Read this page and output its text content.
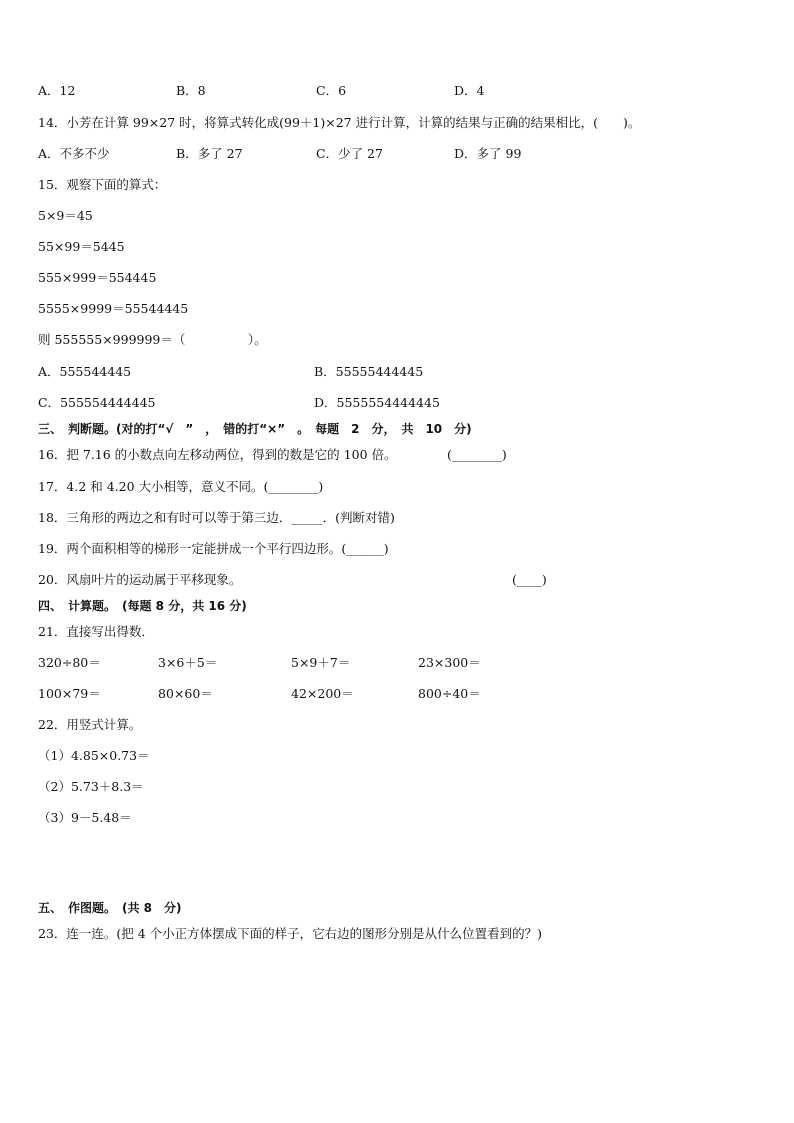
A．12	B．8	C．6	D．4
14．小芳在计算 99×27 时，将算式转化成(99＋1)×27 进行计算，计算的结果与正确的结果相比，(　　)。
A．不多不少	B．多了 27	C．少了 27	D．多了 99
15．观察下面的算式：
5×9＝45
55×99＝5445
555×999＝554445
5555×9999＝55544445
则 555555×999999＝（　　　　　）。
A．555544445	B．55555444445
C．555554444445	D．5555554444445
三、　判断题。(对的打“√　”　，　错的打“×”　。　每题　2　分，　共　10　分)
16．把 7.16 的小数点向左移动两位，得到的数是它的 100 倍。	(________)
17．4.2 和 4.20 大小相等，意义不同。(________)
18．三角形的两边之和有时可以等于第三边．_____．(判断对错)
19．两个面积相等的梯形一定能拼成一个平行四边形。(______)
20．风扇叶片的运动属于平移现象。	(____)
四、　计算题。　(每题 8 分，共 16 分)
21．直接写出得数．
320÷80＝	3×6＋5＝	5×9＋7＝	23×300＝
100×79＝	80×60＝	42×200＝	800÷40＝
22．用竖式计算。
（1）4.85×0.73＝
（2）5.73＋8.3＝
（3）9－5.48＝
五、　作图题。　(共 8　分)
23．连一连。(把 4 个小正方体摆成下面的样子，它右边的图形分别是从什么位置看到的？)
